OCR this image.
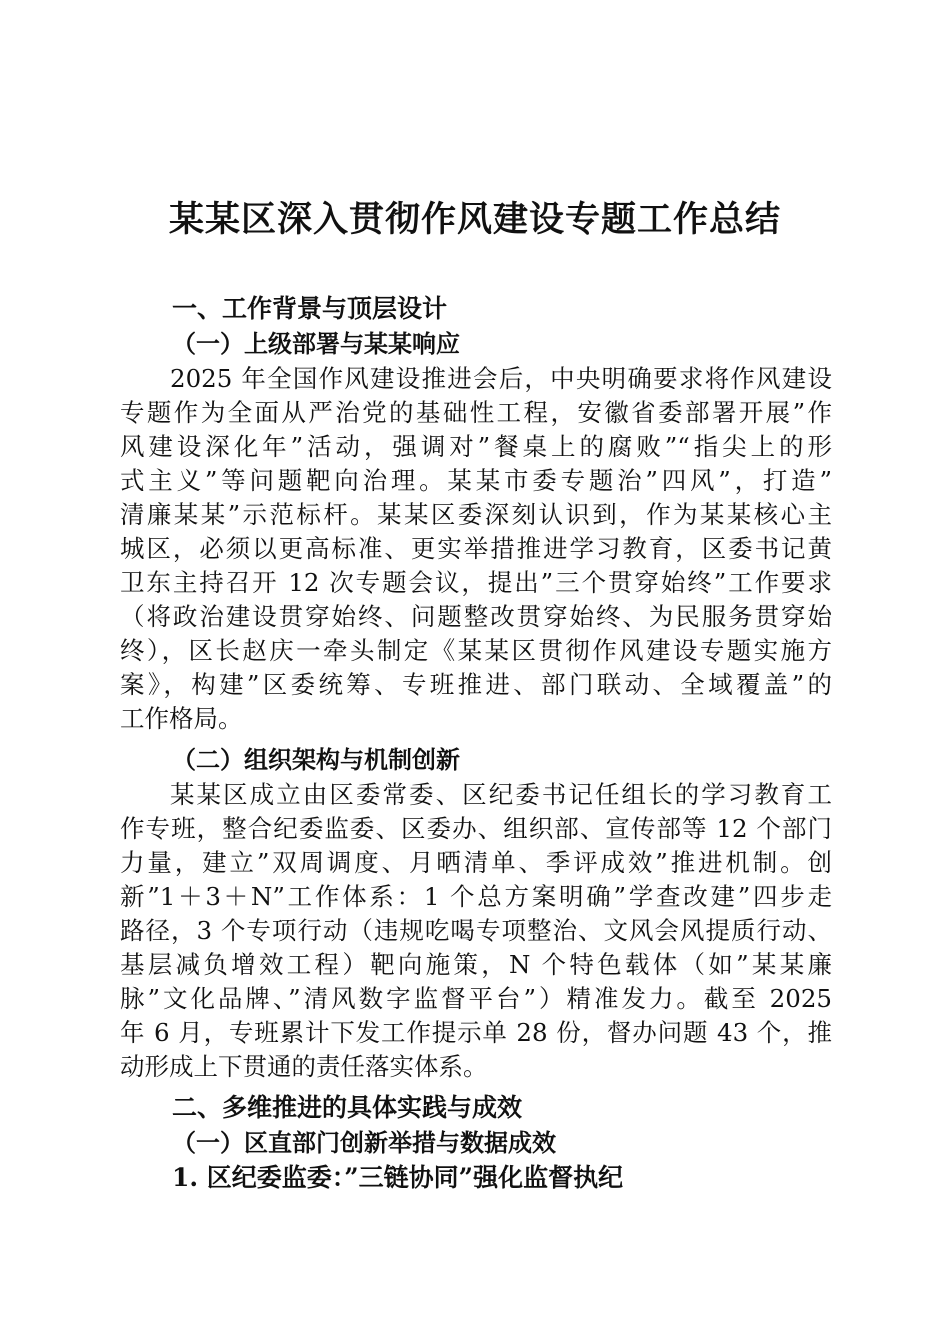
某某区深入贯彻作风建设专题工作总结
一、工作背景与顶层设计
（一）上级部署与某某响应
2025 年全国作风建设推进会后，中央明确要求将作风建设
专题作为全面从严治党的基础性工程，安徽省委部署开展”作
风建设深化年”活动，强调对”餐桌上的腐败”“指尖上的形
式主义”等问题靶向治理。某某市委专题治”四风”，打造”
清廉某某”示范标杆。某某区委深刻认识到，作为某某核心主
城区，必须以更高标准、更实举措推进学习教育，区委书记黄
卫东主持召开 12 次专题会议，提出”三个贯穿始终”工作要求
（将政治建设贯穿始终、问题整改贯穿始终、为民服务贯穿始
终），区长赵庆一牵头制定《某某区贯彻作风建设专题实施方
案》，构建”区委统筹、专班推进、部门联动、全域覆盖”的
工作格局。
（二）组织架构与机制创新
某某区成立由区委常委、区纪委书记任组长的学习教育工
作专班，整合纪委监委、区委办、组织部、宣传部等 12 个部门
力量，建立”双周调度、月晒清单、季评成效”推进机制。创
新”1＋3＋N”工作体系：1 个总方案明确”学查改建”四步走
路径，3 个专项行动（违规吃喝专项整治、文风会风提质行动、
基层减负增效工程）靶向施策，N 个特色载体（如”某某廉
脉”文化品牌、”清风数字监督平台”）精准发力。截至 2025
年 6 月，专班累计下发工作提示单 28 份，督办问题 43 个，推
动形成上下贯通的责任落实体系。
二、多维推进的具体实践与成效
（一）区直部门创新举措与数据成效
1. 区纪委监委：”三链协同”强化监督执纪
